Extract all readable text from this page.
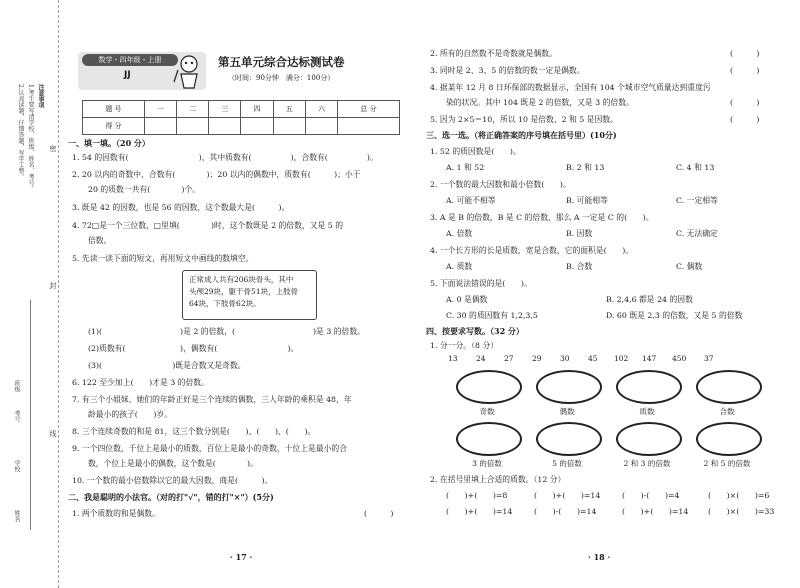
注意事项
1.考生要写清学校、班级、姓名、考号。
2.认真读题，仔细答题，写字工整。	密
封
线
学校
姓名
班级
考号
数学・四年级・上册
JJ
第五单元综合达标测试卷
（时间：90分钟　满分：100分）
题 号	一	二	三	四	五	六	总 分
得 分							
一、填一填。（20 分）
1. 54 的因数有(　　　　　　　　　)，其中质数有(　　　　　)，合数有(　　　　　)。
2. 20 以内的奇数中，合数有(　　　　)；20 以内的偶数中，质数有(　　　)；小于
20 的质数一共有(　　　　)个。
3. 既是 42 的因数，也是 56 的因数，这个数最大是(　　　)。
4. 72□是一个三位数，□里填(　　　　)时，这个数既是 2 的倍数，又是 5 的
倍数。
5. 先读一读下面的短文，再用短文中画线的数填空。
正常成人共有206块骨头，其中
头颅29块，躯干骨51块，上肢骨
64块，下肢骨62块。
(1)(　　　　　　　　　　)是 2 的倍数，(　　　　　　　　　　)是 3 的倍数。
(2)质数有(　　　　　　　)，偶数有(　　　　　　　　　)。
(3)(　　　　　　　　　)既是合数又是奇数。
6. 122 至少加上(　　)才是 3 的倍数。
7. 有三个小姐妹，她们的年龄正好是三个连续的偶数，三人年龄的乘积是 48，年
龄最小的孩子(　　)岁。
8. 三个连续奇数的和是 81，这三个数分别是(　　)、(　　)、(　　)。
9. 一个四位数，千位上是最小的质数，百位上是最小的奇数，十位上是最小的合
数，个位上是最小的偶数，这个数是(　　　　)。
10. 一个数的最小倍数除以它的最大因数，商是(　　　)。
二、我是聪明的小法官。（对的打"√"，错的打"×"）(5分)
1. 两个质数的和是偶数。	(　　　)
· 17 ·
2. 所有的自然数不是奇数就是偶数。	(　　　)
3. 同时是 2、3、5 的倍数的数一定是偶数。	(　　　)
4. 据某年 12 月 8 日环保部的数据显示，全国有 104 个城市空气质量达到重度污
染的状况。其中 104 既是 2 的倍数，又是 3 的倍数。	(　　　)
5. 因为 2×5＝10，所以 10 是倍数，2 和 5 是因数。	(　　　)
三、选一选。（将正确答案的序号填在括号里）(10分)
1. 52 的质因数是(　　)。
A. 1 和 52	B. 2 和 13	C. 4 和 13
2. 一个数的最大因数和最小倍数(　　)。
A. 可能不相等	B. 可能相等	C. 一定相等
3. A 是 B 的倍数，B 是 C 的倍数，那么 A 一定是 C 的(　　)。
A. 倍数	B. 因数	C. 无法确定
4. 一个长方形的长是质数，宽是合数，它的面积是(　　)。
A. 质数	B. 合数	C. 偶数
5. 下面说法错误的是(　　)。
A. 0 是偶数	B. 2,4,6 都是 24 的因数
C. 30 的质因数有 1,2,3,5	D. 60 既是 2,3 的倍数，又是 5 的倍数
四、按要求写数。（32 分）
1. 分一分。（8 分）
13 24 27 29 30 45 102 147 450 37
奇数	偶数	质数	合数
3 的倍数	5 的倍数	2 和 3 的倍数	2 和 5 的倍数
2. 在括号里填上合适的质数。（12 分）
(　　)+(　　)=8	(　　)+(　　)=14	(　　)-(　　)=4	(　　)×(　　)=6
(　　)+(　　)=14	(　　)-(　　)=14	(　　)+(　　)=14	(　　)×(　　)=33
· 18 ·
